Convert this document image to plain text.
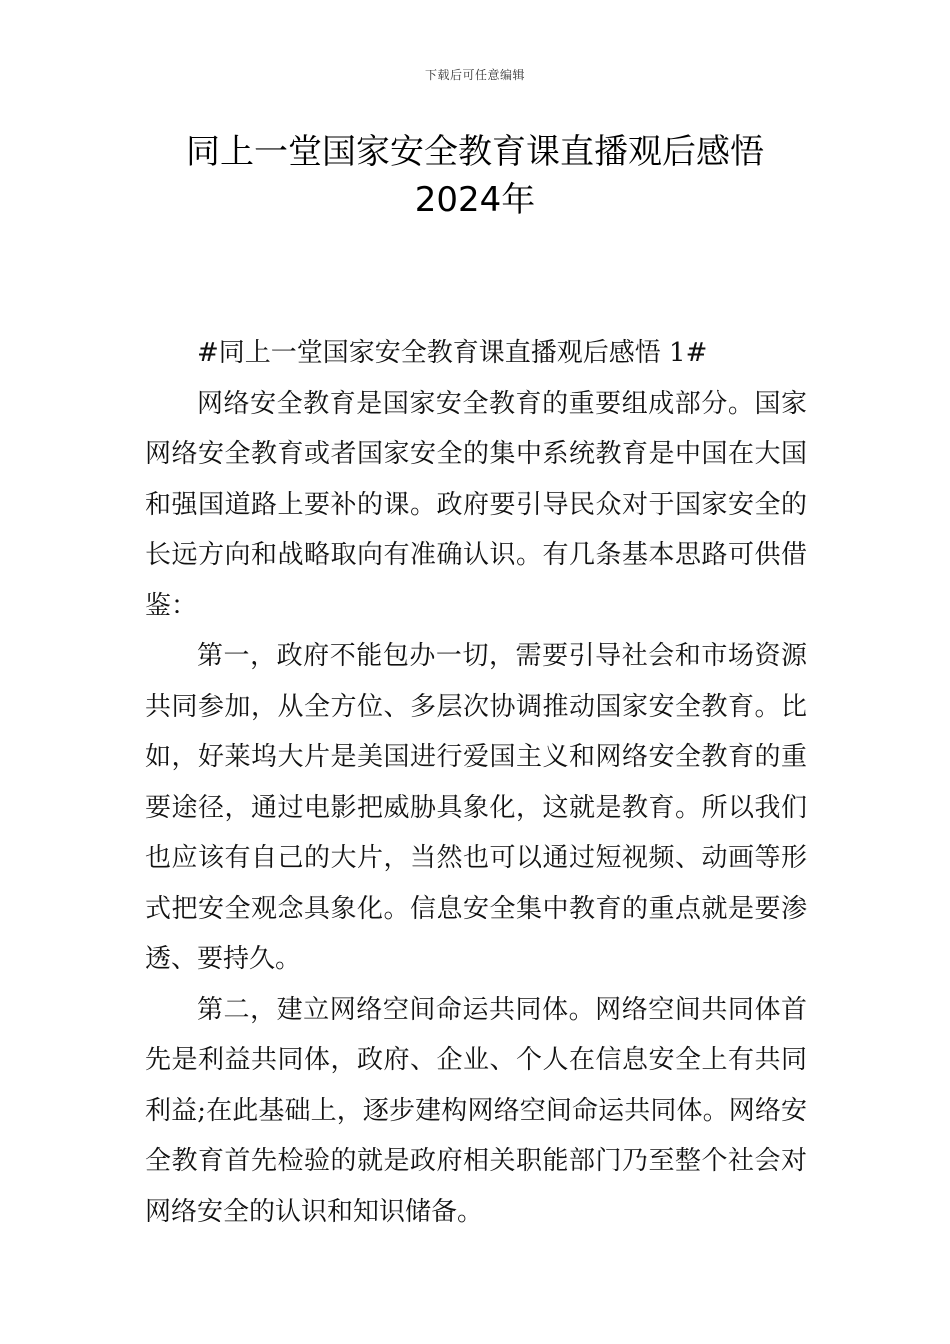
下载后可任意编辑
同上一堂国家安全教育课直播观后感悟
2024年

#同上一堂国家安全教育课直播观后感悟 1#

网络安全教育是国家安全教育的重要组成部分。国家网络安全教育或者国家安全的集中系统教育是中国在大国和强国道路上要补的课。政府要引导民众对于国家安全的长远方向和战略取向有准确认识。有几条基本思路可供借鉴：

第一，政府不能包办一切，需要引导社会和市场资源共同参加，从全方位、多层次协调推动国家安全教育。比如，好莱坞大片是美国进行爱国主义和网络安全教育的重要途径，通过电影把威胁具象化，这就是教育。所以我们也应该有自己的大片，当然也可以通过短视频、动画等形式把安全观念具象化。信息安全集中教育的重点就是要渗透、要持久。

第二，建立网络空间命运共同体。网络空间共同体首先是利益共同体，政府、企业、个人在信息安全上有共同利益;在此基础上，逐步建构网络空间命运共同体。网络安全教育首先检验的就是政府相关职能部门乃至整个社会对网络安全的认识和知识储备。
